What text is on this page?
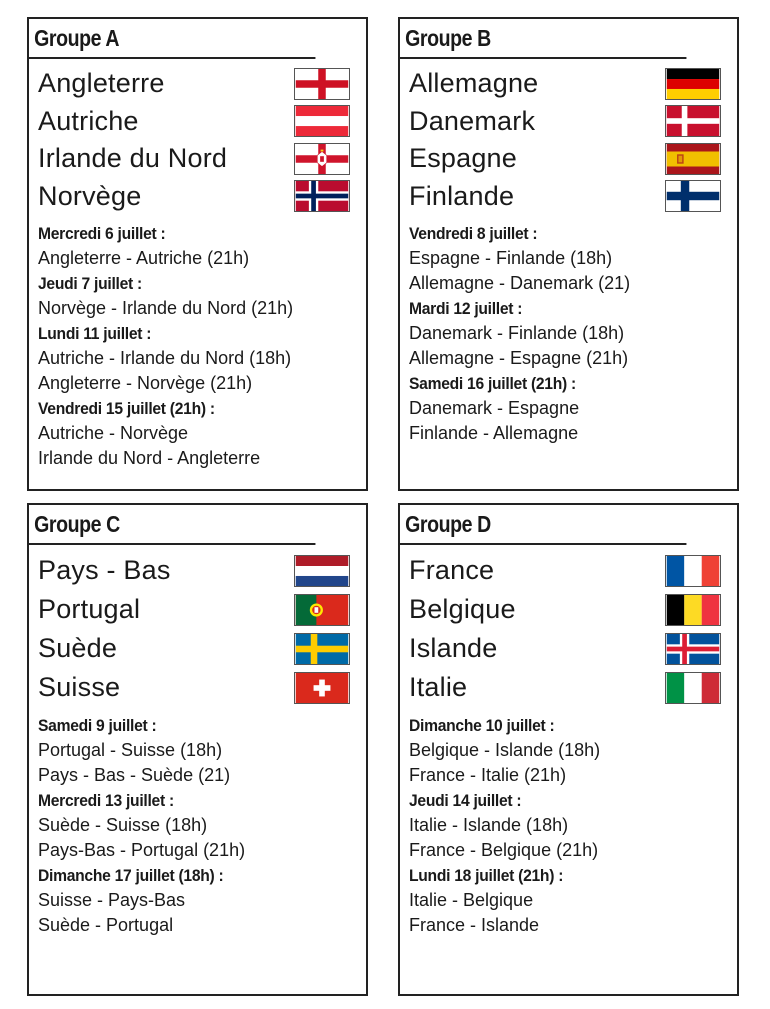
Groupe A
Angleterre
Autriche
Irlande du Nord
Norvège
Mercredi 6 juillet :
Angleterre - Autriche (21h)
Jeudi 7 juillet :
Norvège - Irlande du Nord (21h)
Lundi 11 juillet :
Autriche - Irlande du Nord (18h)
Angleterre - Norvège (21h)
Vendredi 15 juillet (21h) :
Autriche - Norvège
Irlande du Nord - Angleterre
Groupe B
Allemagne
Danemark
Espagne
Finlande
Vendredi 8 juillet :
Espagne - Finlande (18h)
Allemagne - Danemark (21)
Mardi 12 juillet :
Danemark - Finlande (18h)
Allemagne - Espagne (21h)
Samedi 16 juillet (21h) :
Danemark - Espagne
Finlande - Allemagne
Groupe C
Pays - Bas
Portugal
Suède
Suisse
Samedi 9 juillet :
Portugal - Suisse (18h)
Pays - Bas - Suède (21)
Mercredi 13 juillet :
Suède - Suisse (18h)
Pays-Bas - Portugal (21h)
Dimanche 17 juillet (18h) :
Suisse - Pays-Bas
Suède - Portugal
Groupe D
France
Belgique
Islande
Italie
Dimanche 10 juillet :
Belgique - Islande (18h)
France - Italie (21h)
Jeudi 14 juillet :
Italie - Islande (18h)
France - Belgique (21h)
Lundi 18 juillet (21h) :
Italie - Belgique
France - Islande
